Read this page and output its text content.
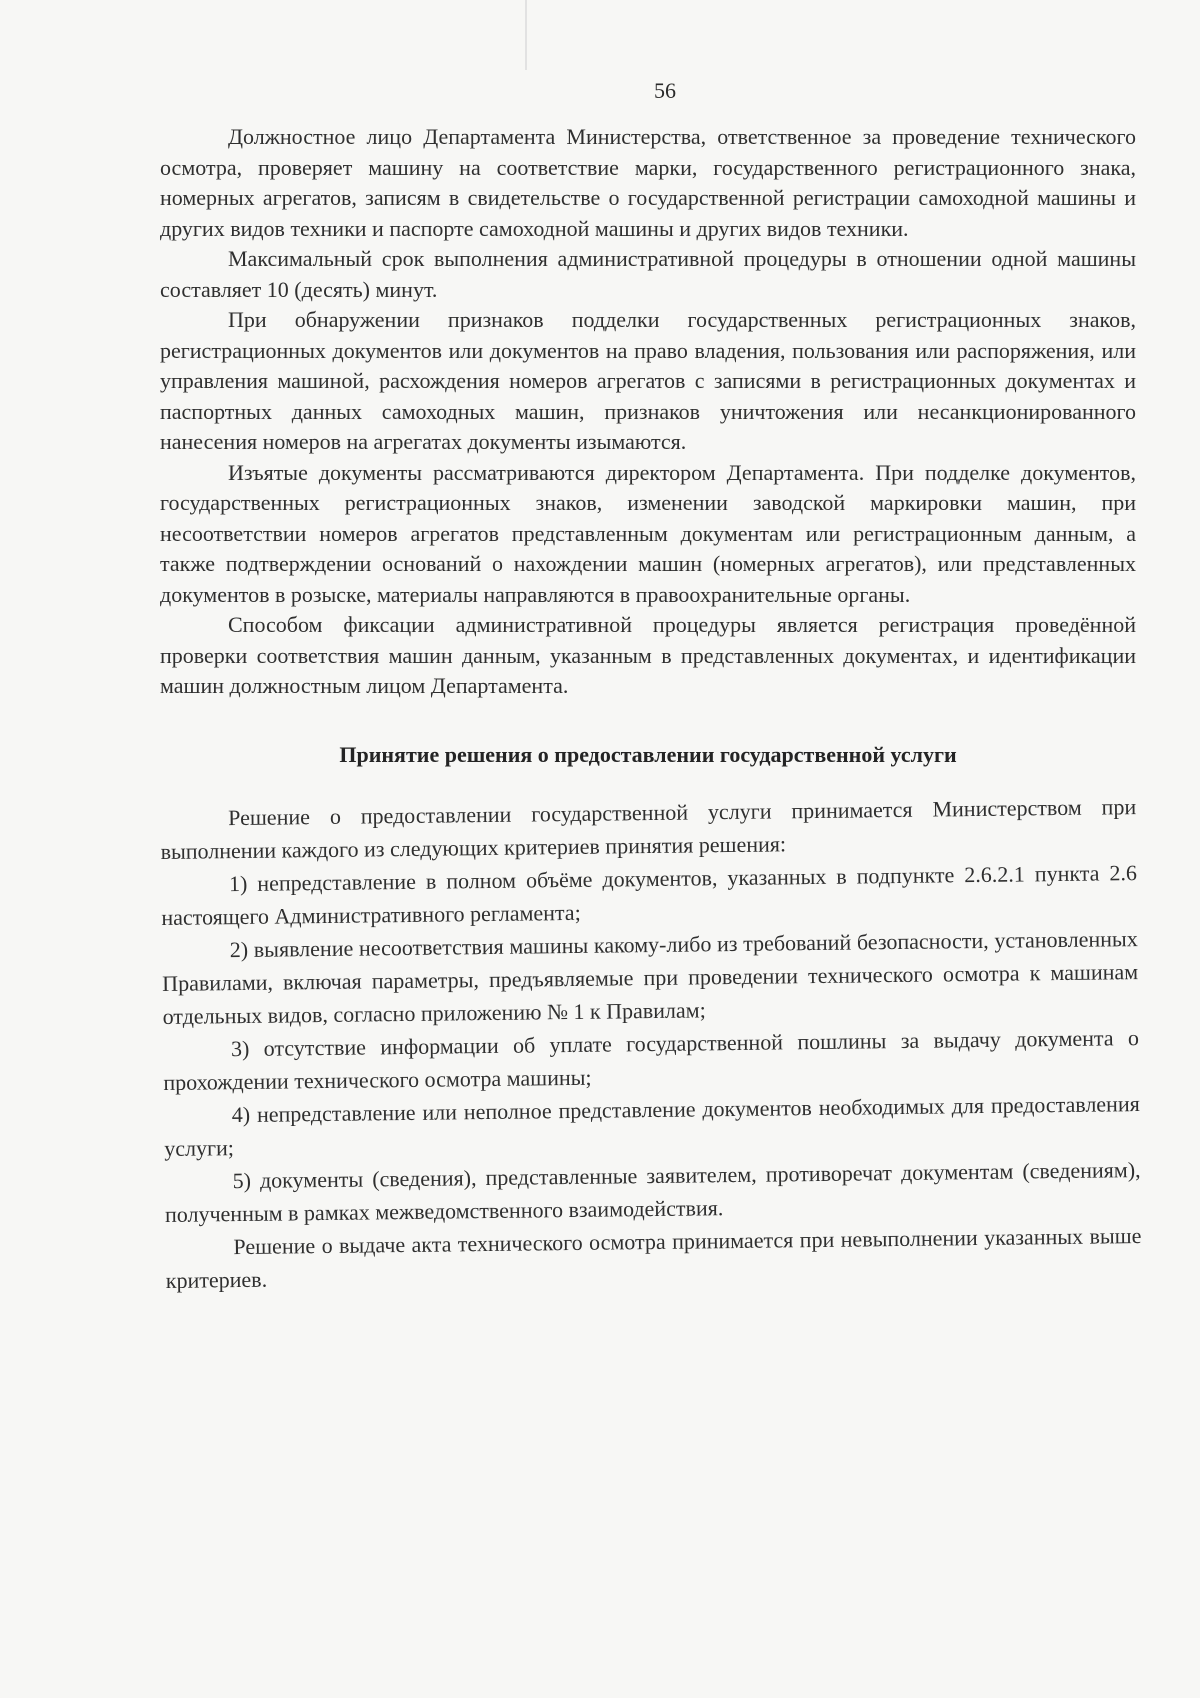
56

Должностное лицо Департамента Министерства, ответственное за проведение технического осмотра, проверяет машину на соответствие марки, государственного регистрационного знака, номерных агрегатов, записям в свидетельстве о государственной регистрации самоходной машины и других видов техники и паспорте самоходной машины и других видов техники.

Максимальный срок выполнения административной процедуры в отношении одной машины составляет 10 (десять) минут.

При обнаружении признаков подделки государственных регистрационных знаков, регистрационных документов или документов на право владения, пользования или распоряжения, или управления машиной, расхождения номеров агрегатов с записями в регистрационных документах и паспортных данных самоходных машин, признаков уничтожения или несанкционированного нанесения номеров на агрегатах документы изымаются.

Изъятые документы рассматриваются директором Департамента. При подделке документов, государственных регистрационных знаков, изменении заводской маркировки машин, при несоответствии номеров агрегатов представленным документам или регистрационным данным, а также подтверждении оснований о нахождении машин (номерных агрегатов), или представленных документов в розыске, материалы направляются в правоохранительные органы.

Способом фиксации административной процедуры является регистрация проведённой проверки соответствия машин данным, указанным в представленных документах, и идентификации машин должностным лицом Департамента.

Принятие решения о предоставлении государственной услуги

Решение о предоставлении государственной услуги принимается Министерством при выполнении каждого из следующих критериев принятия решения:

1) непредставление в полном объёме документов, указанных в подпункте 2.6.2.1 пункта 2.6 настоящего Административного регламента;

2) выявление несоответствия машины какому-либо из требований безопасности, установленных Правилами, включая параметры, предъявляемые при проведении технического осмотра к машинам отдельных видов, согласно приложению № 1 к Правилам;

3) отсутствие информации об уплате государственной пошлины за выдачу документа о прохождении технического осмотра машины;

4) непредставление или неполное представление документов необходимых для предоставления услуги;

5) документы (сведения), представленные заявителем, противоречат документам (сведениям), полученным в рамках межведомственного взаимодействия.

Решение о выдаче акта технического осмотра принимается при невыполнении указанных выше критериев.
